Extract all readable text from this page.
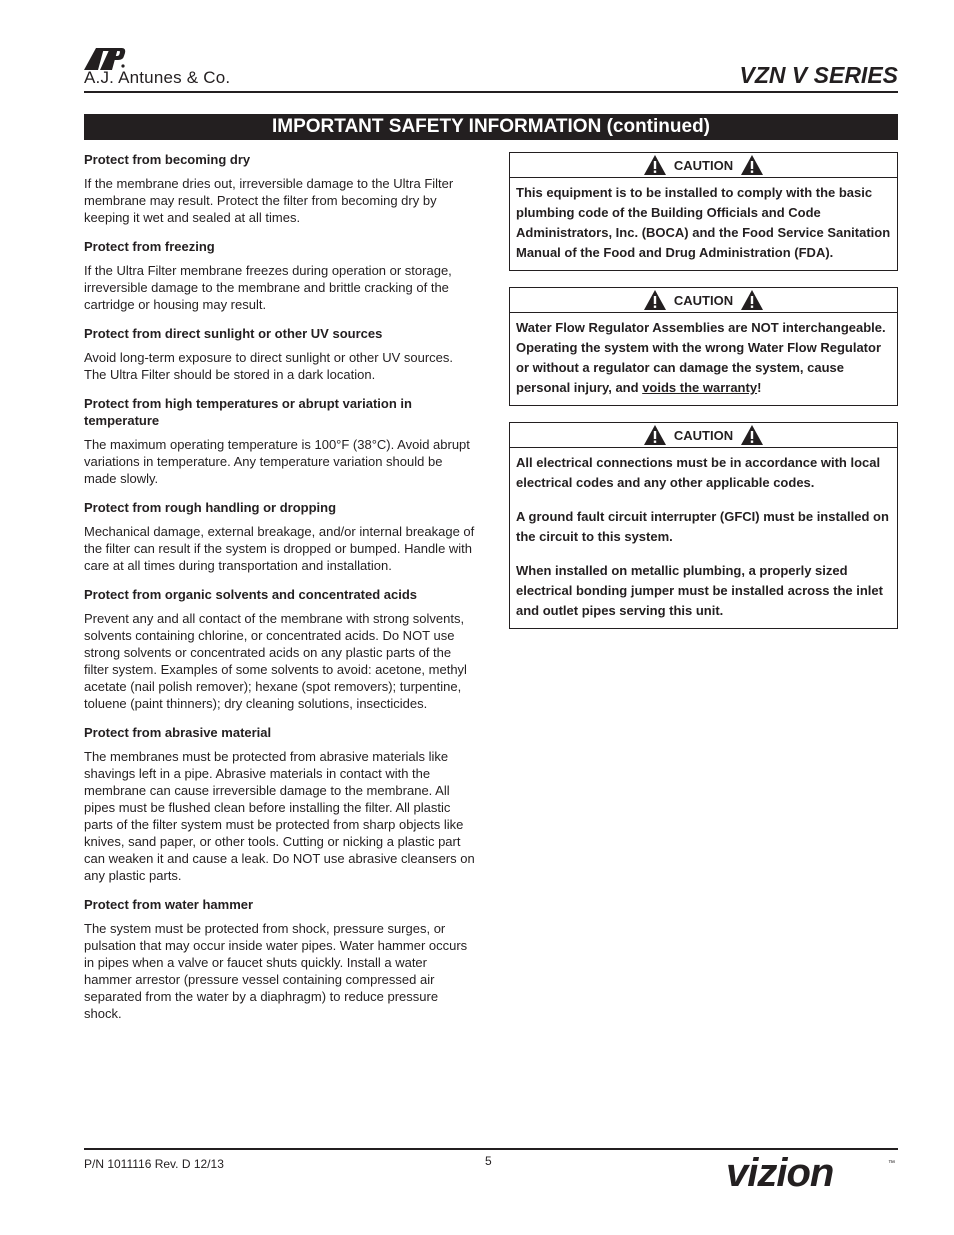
A.J. Antunes & Co.	VZN V SERIES
IMPORTANT SAFETY INFORMATION (continued)

Protect from becoming dry

If the membrane dries out, irreversible damage to the Ultra Filter membrane may result. Protect the filter from becoming dry by keeping it wet and sealed at all times.

Protect from freezing

If the Ultra Filter membrane freezes during operation or storage, irreversible damage to the membrane and brittle cracking of the cartridge or housing may result.

Protect from direct sunlight or other UV sources

Avoid long-term exposure to direct sunlight or other UV sources. The Ultra Filter should be stored in a dark location.

Protect from high temperatures or abrupt variation in temperature

The maximum operating temperature is 100°F (38°C). Avoid abrupt variations in temperature. Any temperature variation should be made slowly.

Protect from rough handling or dropping

Mechanical damage, external breakage, and/or internal breakage of the filter can result if the system is dropped or bumped. Handle with care at all times during transportation and installation.

Protect from organic solvents and concentrated acids

Prevent any and all contact of the membrane with strong solvents, solvents containing chlorine, or concentrated acids. Do NOT use strong solvents or concentrated acids on any plastic parts of the filter system. Examples of some solvents to avoid: acetone, methyl acetate (nail polish remover); hexane (spot removers); turpentine, toluene (paint thinners); dry cleaning solutions, insecticides.

Protect from abrasive material

The membranes must be protected from abrasive materials like shavings left in a pipe. Abrasive materials in contact with the membrane can cause irreversible damage to the membrane. All pipes must be flushed clean before installing the filter. All plastic parts of the filter system must be protected from sharp objects like knives, sand paper, or other tools. Cutting or nicking a plastic part can weaken it and cause a leak. Do NOT use abrasive cleansers on any plastic parts.

Protect from water hammer

The system must be protected from shock, pressure surges, or pulsation that may occur inside water pipes. Water hammer occurs in pipes when a valve or faucet shuts quickly. Install a water hammer arrestor (pressure vessel containing compressed air separated from the water by a diaphragm) to reduce pressure shock.

CAUTION

This equipment is to be installed to comply with the basic plumbing code of the Building Officials and Code Administrators, Inc. (BOCA) and the Food Service Sanitation Manual of the Food and Drug Administration (FDA).

CAUTION

Water Flow Regulator Assemblies are NOT interchangeable. Operating the system with the wrong Water Flow Regulator or without a regulator can damage the system, cause personal injury, and voids the warranty!

CAUTION

All electrical connections must be in accordance with local electrical codes and any other applicable codes.

A ground fault circuit interrupter (GFCI) must be installed on the circuit to this system.

When installed on metallic plumbing, a properly sized electrical bonding jumper must be installed across the inlet and outlet pipes serving this unit.

P/N 1011116 Rev. D 12/13	5	vizion	™
